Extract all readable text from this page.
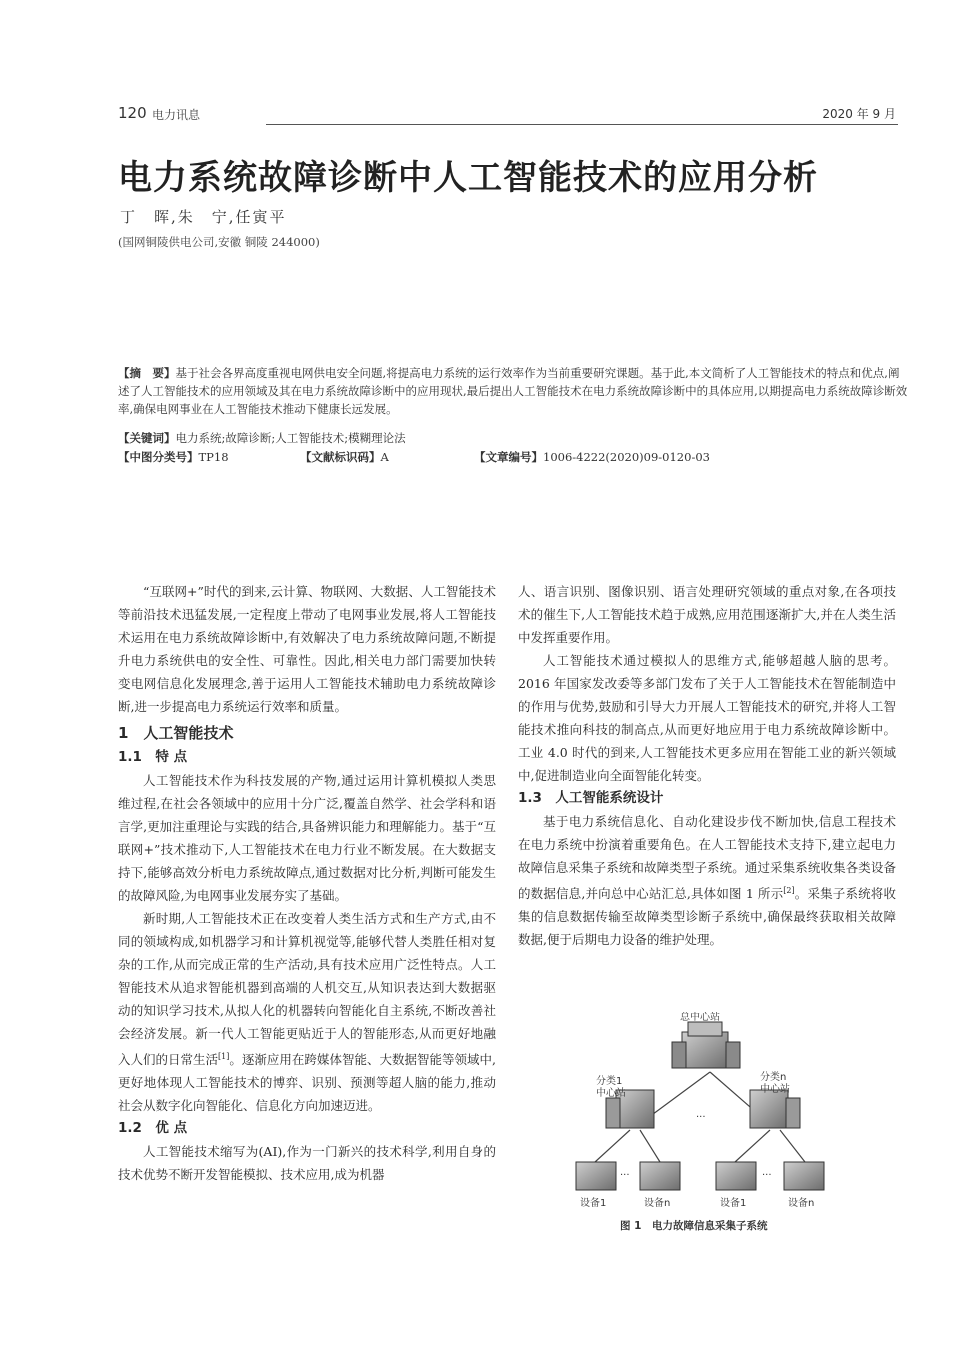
120 电力讯息	2020 年 9 月
电力系统故障诊断中人工智能技术的应用分析
丁　晖,朱　宁,任寅平
(国网铜陵供电公司,安徽 铜陵 244000)
【摘　要】基于社会各界高度重视电网供电安全问题,将提高电力系统的运行效率作为当前重要研究课题。基于此,本文简析了人工智能技术的特点和优点,阐述了人工智能技术的应用领域及其在电力系统故障诊断中的应用现状,最后提出人工智能技术在电力系统故障诊断中的具体应用,以期提高电力系统故障诊断效率,确保电网事业在人工智能技术推动下健康长远发展。
【关键词】电力系统;故障诊断;人工智能技术;模糊理论法
【中图分类号】TP18	【文献标识码】A	【文章编号】1006-4222(2020)09-0120-03

“互联网+”时代的到来,云计算、物联网、大数据、人工智能技术等前沿技术迅猛发展,一定程度上带动了电网事业发展,将人工智能技术运用在电力系统故障诊断中,有效解决了电力系统故障问题,不断提升电力系统供电的安全性、可靠性。因此,相关电力部门需要加快转变电网信息化发展理念,善于运用人工智能技术辅助电力系统故障诊断,进一步提高电力系统运行效率和质量。

1　人工智能技术
1.1　特 点

人工智能技术作为科技发展的产物,通过运用计算机模拟人类思维过程,在社会各领域中的应用十分广泛,覆盖自然学、社会学科和语言学,更加注重理论与实践的结合,具备辨识能力和理解能力。基于“互联网+”技术推动下,人工智能技术在电力行业不断发展。在大数据支持下,能够高效分析电力系统故障点,通过数据对比分析,判断可能发生的故障风险,为电网事业发展夯实了基础。

新时期,人工智能技术正在改变着人类生活方式和生产方式,由不同的领域构成,如机器学习和计算机视觉等,能够代替人类胜任相对复杂的工作,从而完成正常的生产活动,具有技术应用广泛性特点。人工智能技术从追求智能机器到高端的人机交互,从知识表达到大数据驱动的知识学习技术,从拟人化的机器转向智能化自主系统,不断改善社会经济发展。新一代人工智能更贴近于人的智能形态,从而更好地融入人们的日常生活[1]。逐渐应用在跨媒体智能、大数据智能等领域中,更好地体现人工智能技术的博弈、识别、预测等超人脑的能力,推动社会从数字化向智能化、信息化方向加速迈进。

1.2　优 点

人工智能技术缩写为(AI),作为一门新兴的技术科学,利用自身的技术优势不断开发智能模拟、技术应用,成为机器

人、语言识别、图像识别、语言处理研究领域的重点对象,在各项技术的催生下,人工智能技术趋于成熟,应用范围逐渐扩大,并在人类生活中发挥重要作用。

人工智能技术通过模拟人的思维方式,能够超越人脑的思考。2016 年国家发改委等多部门发布了关于人工智能技术在智能制造中的作用与优势,鼓励和引导大力开展人工智能技术的研究,并将人工智能技术推向科技的制高点,从而更好地应用于电力系统故障诊断中。工业 4.0 时代的到来,人工智能技术更多应用在智能工业的新兴领域中,促进制造业向全面智能化转变。

1.3　人工智能系统设计

基于电力系统信息化、自动化建设步伐不断加快,信息工程技术在电力系统中扮演着重要角色。在人工智能技术支持下,建立起电力故障信息采集子系统和故障类型子系统。通过采集系统收集各类设备的数据信息,并向总中心站汇总,具体如图 1 所示[2]。采集子系统将收集的信息数据传输至故障类型诊断子系统中,确保最终获取相关故障数据,便于后期电力设备的维护处理。

总中心站
分类1
中心站
分类n
中心站
···
···	···
设备1	设备n	设备1	设备n
图 1　电力故障信息采集子系统
